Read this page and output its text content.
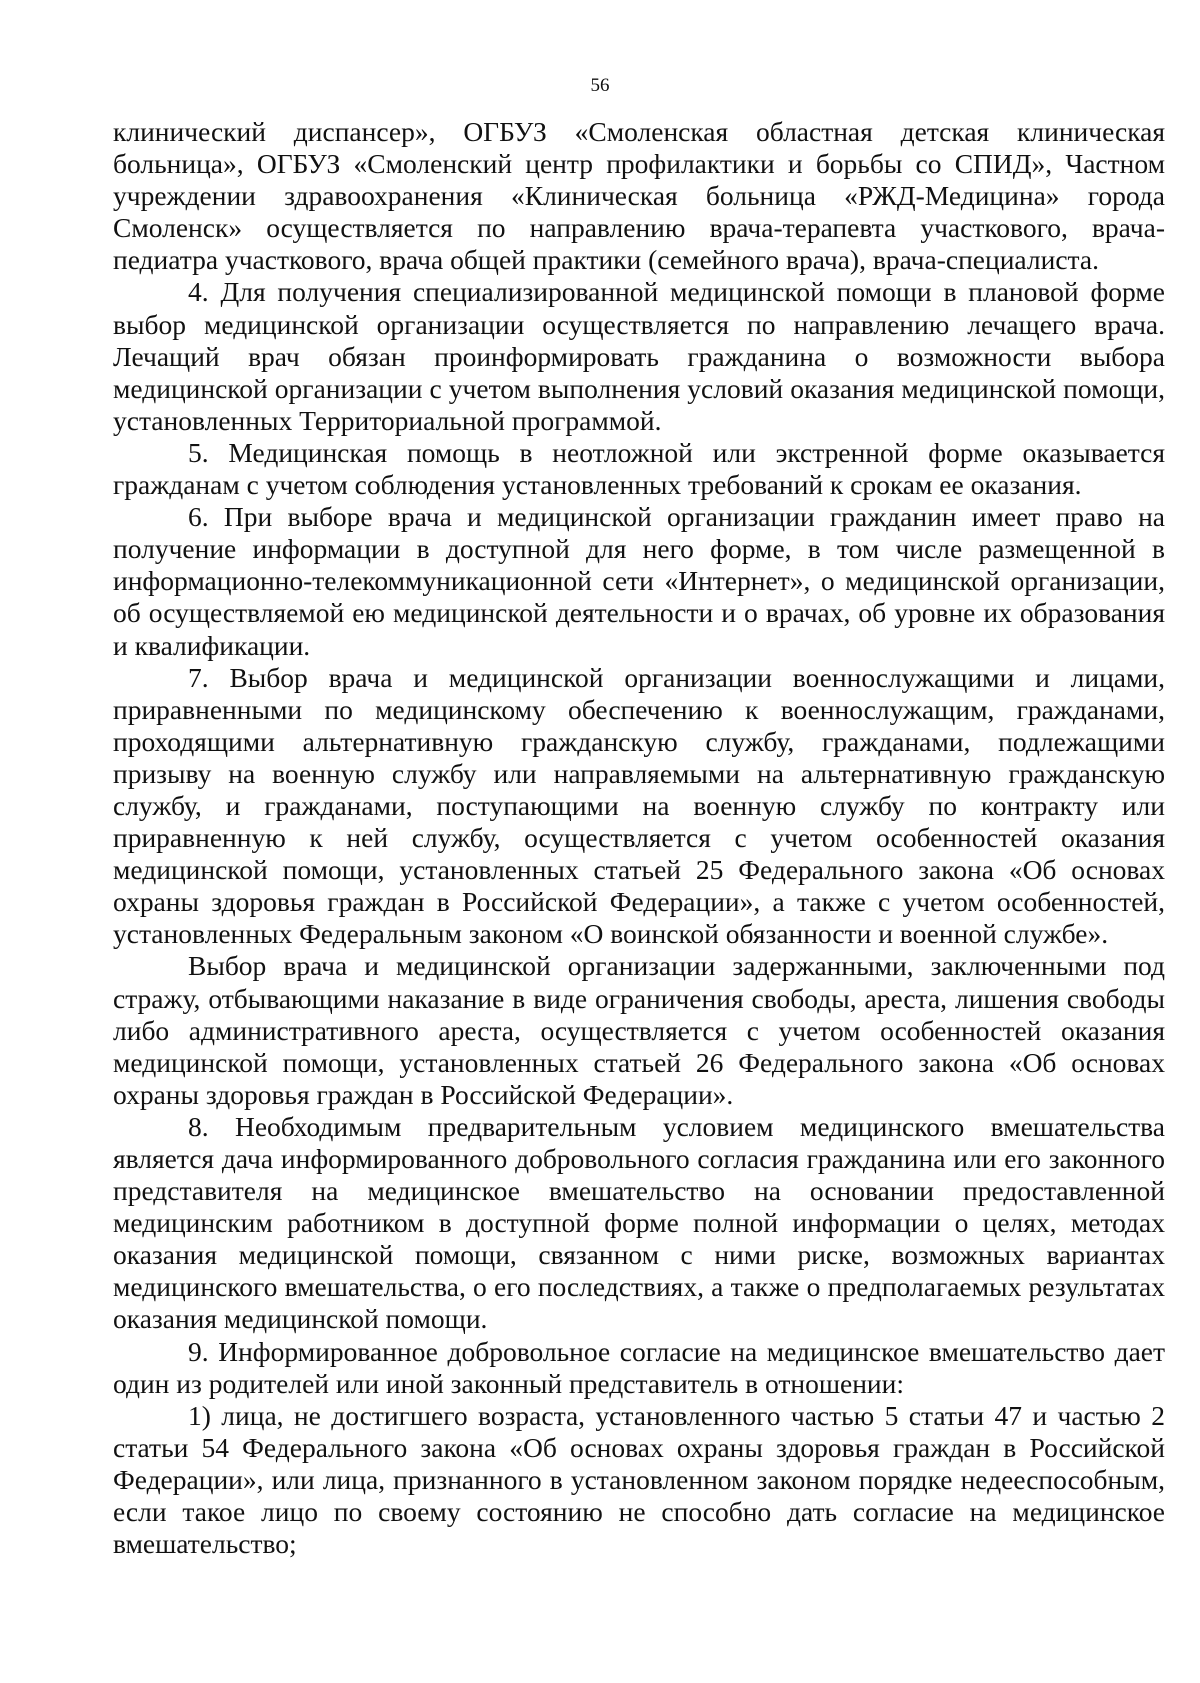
56

клинический диспансер», ОГБУЗ «Смоленская областная детская клиническая больница», ОГБУЗ «Смоленский центр профилактики и борьбы со СПИД», Частном учреждении здравоохранения «Клиническая больница «РЖД-Медицина» города Смоленск» осуществляется по направлению врача-терапевта участкового, врача-педиатра участкового, врача общей практики (семейного врача), врача-специалиста.

4. Для получения специализированной медицинской помощи в плановой форме выбор медицинской организации осуществляется по направлению лечащего врача. Лечащий врач обязан проинформировать гражданина о возможности выбора медицинской организации с учетом выполнения условий оказания медицинской помощи, установленных Территориальной программой.

5. Медицинская помощь в неотложной или экстренной форме оказывается гражданам с учетом соблюдения установленных требований к срокам ее оказания.

6. При выборе врача и медицинской организации гражданин имеет право на получение информации в доступной для него форме, в том числе размещенной в информационно-телекоммуникационной сети «Интернет», о медицинской организации, об осуществляемой ею медицинской деятельности и о врачах, об уровне их образования и квалификации.

7. Выбор врача и медицинской организации военнослужащими и лицами, приравненными по медицинскому обеспечению к военнослужащим, гражданами, проходящими альтернативную гражданскую службу, гражданами, подлежащими призыву на военную службу или направляемыми на альтернативную гражданскую службу, и гражданами, поступающими на военную службу по контракту или приравненную к ней службу, осуществляется с учетом особенностей оказания медицинской помощи, установленных статьей 25 Федерального закона «Об основах охраны здоровья граждан в Российской Федерации», а также с учетом особенностей, установленных Федеральным законом «О воинской обязанности и военной службе».

Выбор врача и медицинской организации задержанными, заключенными под стражу, отбывающими наказание в виде ограничения свободы, ареста, лишения свободы либо административного ареста, осуществляется с учетом особенностей оказания медицинской помощи, установленных статьей 26 Федерального закона «Об основах охраны здоровья граждан в Российской Федерации».

8. Необходимым предварительным условием медицинского вмешательства является дача информированного добровольного согласия гражданина или его законного представителя на медицинское вмешательство на основании предоставленной медицинским работником в доступной форме полной информации о целях, методах оказания медицинской помощи, связанном с ними риске, возможных вариантах медицинского вмешательства, о его последствиях, а также о предполагаемых результатах оказания медицинской помощи.

9. Информированное добровольное согласие на медицинское вмешательство дает один из родителей или иной законный представитель в отношении:

1) лица, не достигшего возраста, установленного частью 5 статьи 47 и частью 2 статьи 54 Федерального закона «Об основах охраны здоровья граждан в Российской Федерации», или лица, признанного в установленном законом порядке недееспособным, если такое лицо по своему состоянию не способно дать согласие на медицинское вмешательство;
